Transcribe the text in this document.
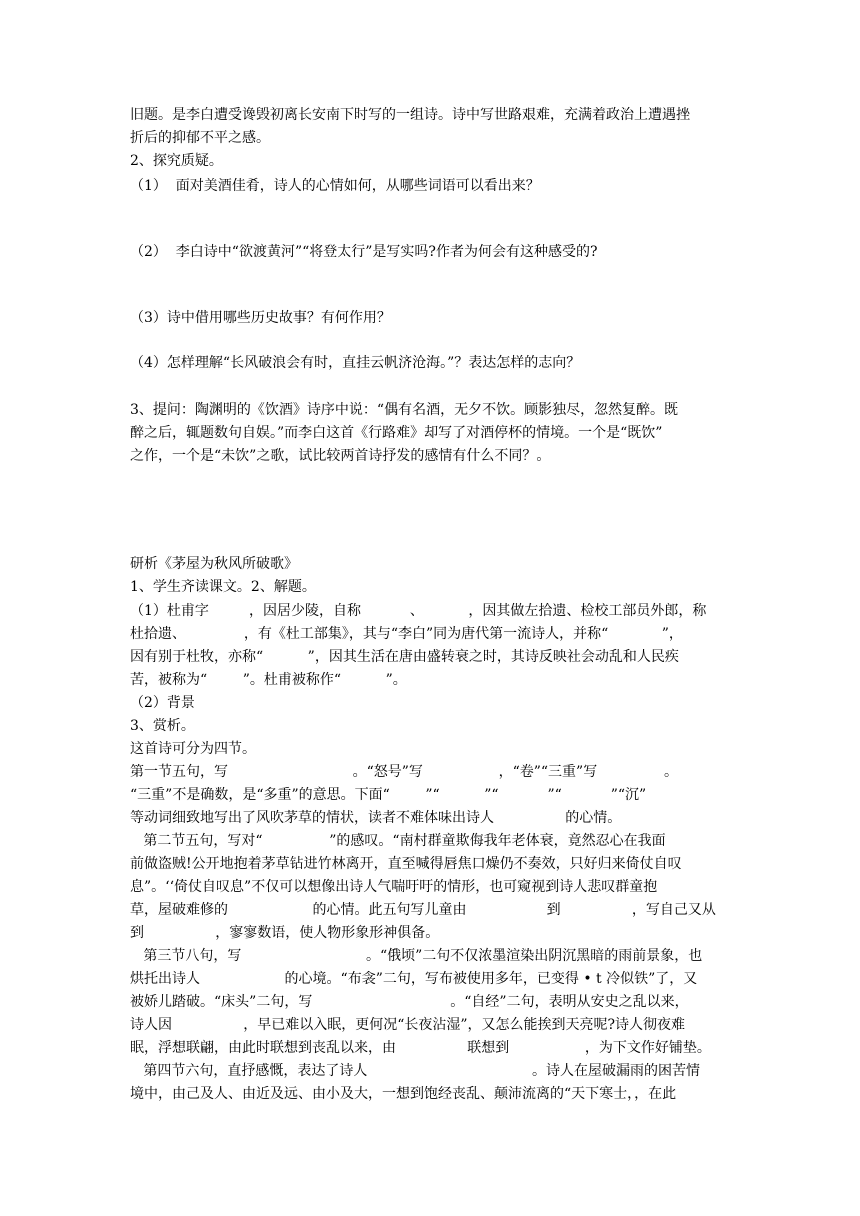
旧题。是李白遭受谗毁初离长安南下时写的一组诗。诗中写世路艰难，充满着政治上遭遇挫
折后的抑郁不平之感。
2、探究质疑。
（1）  面对美酒佳肴，诗人的心情如何，从哪些词语可以看出来？
（2）  李白诗中“欲渡黄河”“将登太行”是写实吗?作者为何会有这种感受的?
（3）诗中借用哪些历史故事？有何作用？
（4）怎样理解“长风破浪会有时，直挂云帆济沧海。”？表达怎样的志向？
3、提问：陶渊明的《饮酒》诗序中说：“偶有名酒，无夕不饮。顾影独尽，忽然复醉。既
醉之后，辄题数句自娱。”而李白这首《行路难》却写了对酒停杯的情境。一个是“既饮”
之作，一个是“未饮”之歌，试比较两首诗抒发的感情有什么不同？。
研析《茅屋为秋风所破歌》
1、学生齐读课文。2、解题。
（1）杜甫字         ，因居少陵，自称           、          ，因其做左拾遗、检校工部员外郎，称
杜拾遗、             ，有《杜工部集》，其与“李白”同为唐代第一流诗人，并称“            ”，
因有别于杜牧，亦称“          ”，因其生活在唐由盛转衰之时，其诗反映社会动乱和人民疾
苦，被称为“        ”。杜甫被称作“          ”。
（2）背景
3、赏析。
这首诗可分为四节。
第一节五句，写                            。“怒号”写                 ，“卷”“三重”写               。
“三重”不是确数，是“多重”的意思。下面“        ”“          ”“           ”“           ”“沉”
等动词细致地写出了风吹茅草的情状，读者不难体味出诗人                的心情。
第二节五句，写对“               ”的感叹。“南村群童欺侮我年老体衰，竟然忍心在我面
前做盗贼!公开地抱着茅草钻进竹林离开，直至喊得唇焦口燥仍不奏效，只好归来倚仗自叹
息”。‘‘倚仗自叹息”不仅可以想像出诗人气喘吁吁的情形，也可窥视到诗人悲叹群童抱
草，屋破难修的                   的心情。此五句写儿童由                  到                ，写自己又从
到                ，寥寥数语，使人物形象形神俱备。
第三节八句，写                            。“俄顷”二句不仅浓墨渲染出阴沉黑暗的雨前景象，也
烘托出诗人                   的心境。“布衾”二句，写布被使用多年，已变得 • t 冷似铁”了，又
被娇儿踏破。“床头”二句，写                               。“自经”二句，表明从安史之乱以来，
诗人因                ，早已难以入眠，更何况“长夜沾湿”，又怎么能挨到天亮呢?诗人彻夜难
眠，浮想联翩，由此时联想到丧乱以来，由                联想到                 ，为下文作好铺垫。
第四节六句，直抒感慨，表达了诗人                                     。诗人在屋破漏雨的困苦情
境中，由己及人、由近及远、由小及大，一想到饱经丧乱、颠沛流离的“天下寒士，，在此
